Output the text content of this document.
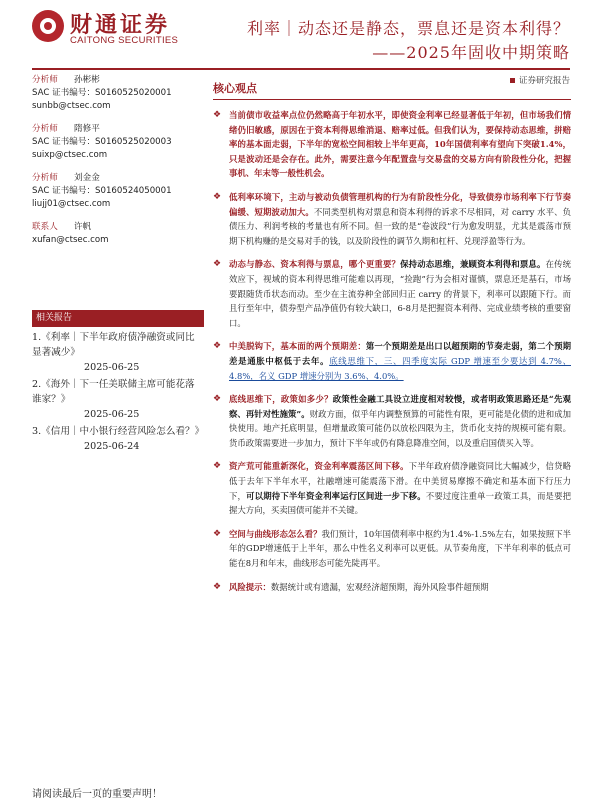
财通证券
CAITONG SECURITIES
利率｜动态还是静态，票息还是资本利得？
——2025年固收中期策略
证券研究报告
分析师 孙彬彬
SAC 证书编号：S0160525020001
sunbb@ctsec.com
分析师 隋修平
SAC 证书编号：S0160525020003
suixp@ctsec.com
分析师 刘金金
SAC 证书编号：S0160524050001
liujj01@ctsec.com
联系人 许帆
xufan@ctsec.com
相关报告
1.《利率｜下半年政府债净融资或同比显著减少》
2025-06-25
2.《海外｜下一任美联储主席可能花落谁家？》
2025-06-25
3.《信用｜中小银行经营风险怎么看？》
2025-06-24
核心观点
❖ 当前债市收益率点位仍然略高于年初水平，即使资金利率已经显著低于年初，但市场我们情绪仍旧敏感，原因在于资本利得思维消退、赔率过低。但我们认为，要保持动态思维，拼赔率的基本面走弱，下半年的宽松空间相较上半年更高，10年国债利率有望向下突破1.4%，只是波动还是会存在。此外，需要注意今年配置盘与交易盘的交易方向有阶段性分化，把握事机、年末等一般性机会。
❖ 低利率环境下，主动与被动负债管理机构的行为有阶段性分化，导致债券市场利率下行节奏偏缓、短期波动加大。不同类型机构对票息和资本利得的诉求不尽相同，对 carry 水平、负债压力、利润考核的考量也有所不同。但一致的是“卷波段”行为愈发明显，尤其是震荡市预期下机构赚的是交易对手的钱，以及阶段性的调节久期和杠杆、兑现浮盈等行为。
❖ 动态与静态、资本利得与票息，哪个更重要？保持动态思维，兼顾资本利得和票息。在传统效应下，视域的资本利得思维可能难以再现，“捡跑”行为会相对谨慎，票息还是基石，市场要跟随货币状态而动。至少在主流券种全部回归正 carry 的背景下，利率可以跟随下行。而且行至年中，债券型产品净值仍有较大缺口，6-8月是把握资本利得、完成业绩考核的重要窗口。
❖ 中美脱钩下，基本面的两个预期差：第一个预期差是出口以超预期的节奏走弱，第二个预期差是通胀中枢低于去年。底线思维下，三、四季度实际 GDP 增速至少要达到 4.7%、4.8%，名义 GDP 增速分别为 3.6%、4.0%。
❖ 底线思维下，政策如多少？政策性金融工具设立进度相对较慢，或者明政策思路还是“先观察、再针对性施策”。财政方面，似乎年内调整预算的可能性有限，更可能是化债的进和成加快使用。地产托底明显，但增量政策可能仍以放松四限为主，货币化支持的规模可能有限。货币政策需要进一步加力，预计下半年或仍有降息降准空间，以及重启国债买入等。
❖ 资产荒可能重新深化，资金利率震荡区间下移。下半年政府债净融资同比大幅减少，信贷略低于去年下半年水平，社融增速可能震荡下滑。在中美贸易摩擦不确定和基本面下行压力下，可以期待下半年资金利率运行区间进一步下移。不要过度注重单一政策工具，而是要把握大方向，买卖国债可能并不关键。
❖ 空间与曲线形态怎么看？我们预计，10年国债利率中枢约为1.4%-1.5%左右，如果按照下半年的GDP增速低于上半年，那么中性名义利率可以更低。从节奏角度，下半年利率的低点可能在8月和年末，曲线形态可能先陡再平。
❖ 风险提示：数据统计或有遗漏，宏观经济超预期，海外风险事件超预期
请阅读最后一页的重要声明！
